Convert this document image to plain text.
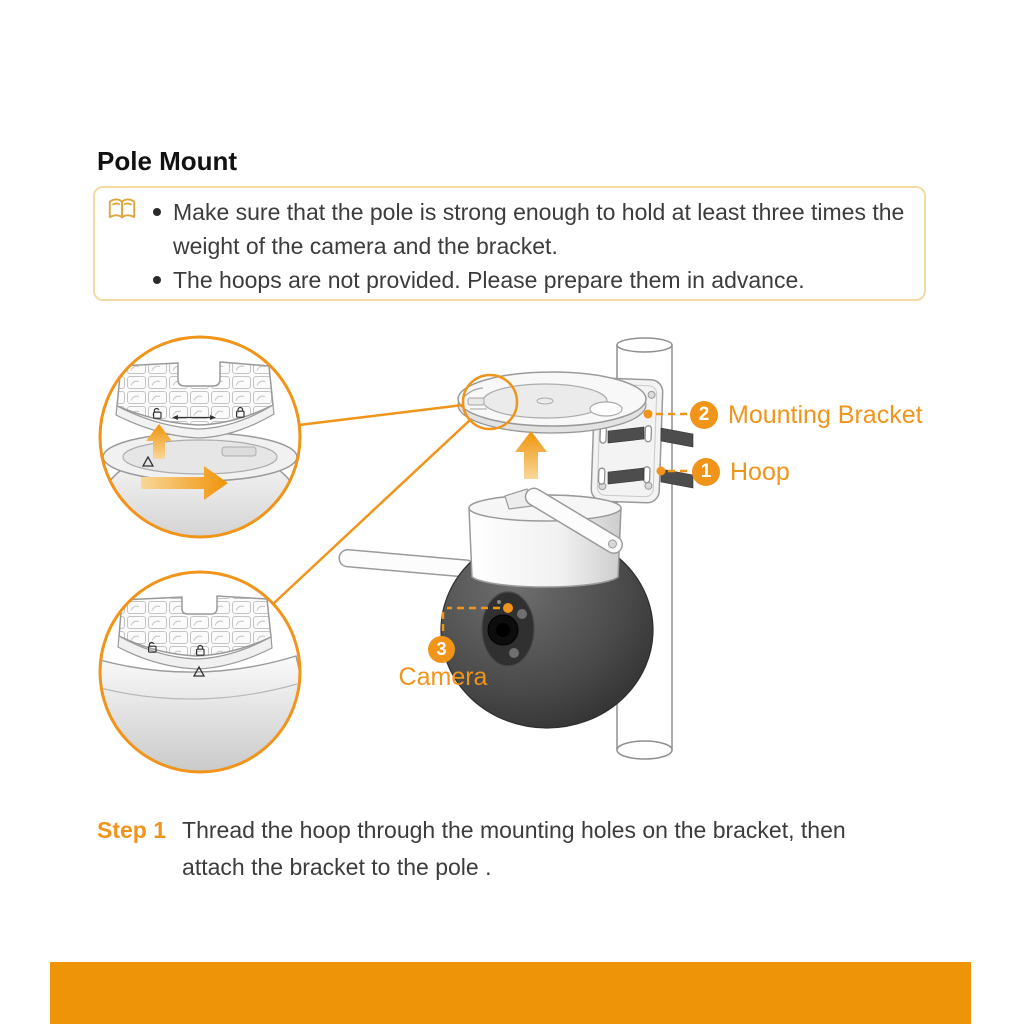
Pole Mount
Make sure that the pole is strong enough to hold at least three times the weight of the camera and the bracket.
The hoops are not provided. Please prepare them in advance.
2 Mounting Bracket
1 Hoop
3
Camera
Step 1 Thread the hoop through the mounting holes on the bracket, then attach the bracket to the pole .
